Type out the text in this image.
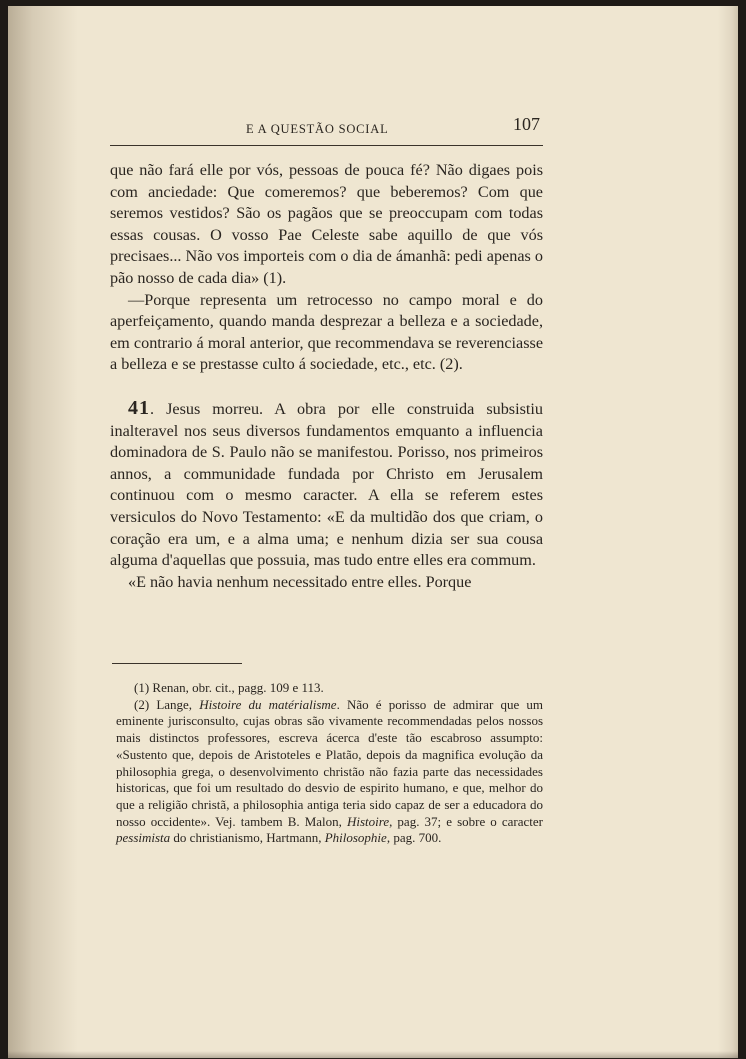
E A QUESTÃO SOCIAL	107

que não fará elle por vós, pessoas de pouca fé? Não digaes pois com anciedade: Que comeremos? que beberemos? Com que seremos vestidos? São os pagãos que se preoccupam com todas essas cousas. O vosso Pae Celeste sabe aquillo de que vós precisaes... Não vos importeis com o dia de ámanhã: pedi apenas o pão nosso de cada dia» (1).

—Porque representa um retrocesso no campo moral e do aperfeiçamento, quando manda desprezar a belleza e a sociedade, em contrario á moral anterior, que recommendava se reverenciasse a belleza e se prestasse culto á sociedade, etc., etc. (2).

41. Jesus morreu. A obra por elle construida subsistiu inalteravel nos seus diversos fundamentos emquanto a influencia dominadora de S. Paulo não se manifestou. Porisso, nos primeiros annos, a communidade fundada por Christo em Jerusalem continuou com o mesmo caracter. A ella se referem estes versiculos do Novo Testamento: «E da multidão dos que criam, o coração era um, e a alma uma; e nenhum dizia ser sua cousa alguma d'aquellas que possuia, mas tudo entre elles era commum.

«E não havia nenhum necessitado entre elles. Porque

(1) Renan, obr. cit., pagg. 109 e 113.

(2) Lange, Histoire du matérialisme. Não é porisso de admirar que um eminente jurisconsulto, cujas obras são vivamente recommendadas pelos nossos mais distinctos professores, escreva ácerca d'este tão escabroso assumpto: «Sustento que, depois de Aristoteles e Platão, depois da magnifica evolução da philosophia grega, o desenvolvimento christão não fazia parte das necessidades historicas, que foi um resultado do desvio de espirito humano, e que, melhor do que a religião christã, a philosophia antiga teria sido capaz de ser a educadora do nosso occidente». Vej. tambem B. Malon, Histoire, pag. 37; e sobre o caracter pessimista do christianismo, Hartmann, Philosophie, pag. 700.
